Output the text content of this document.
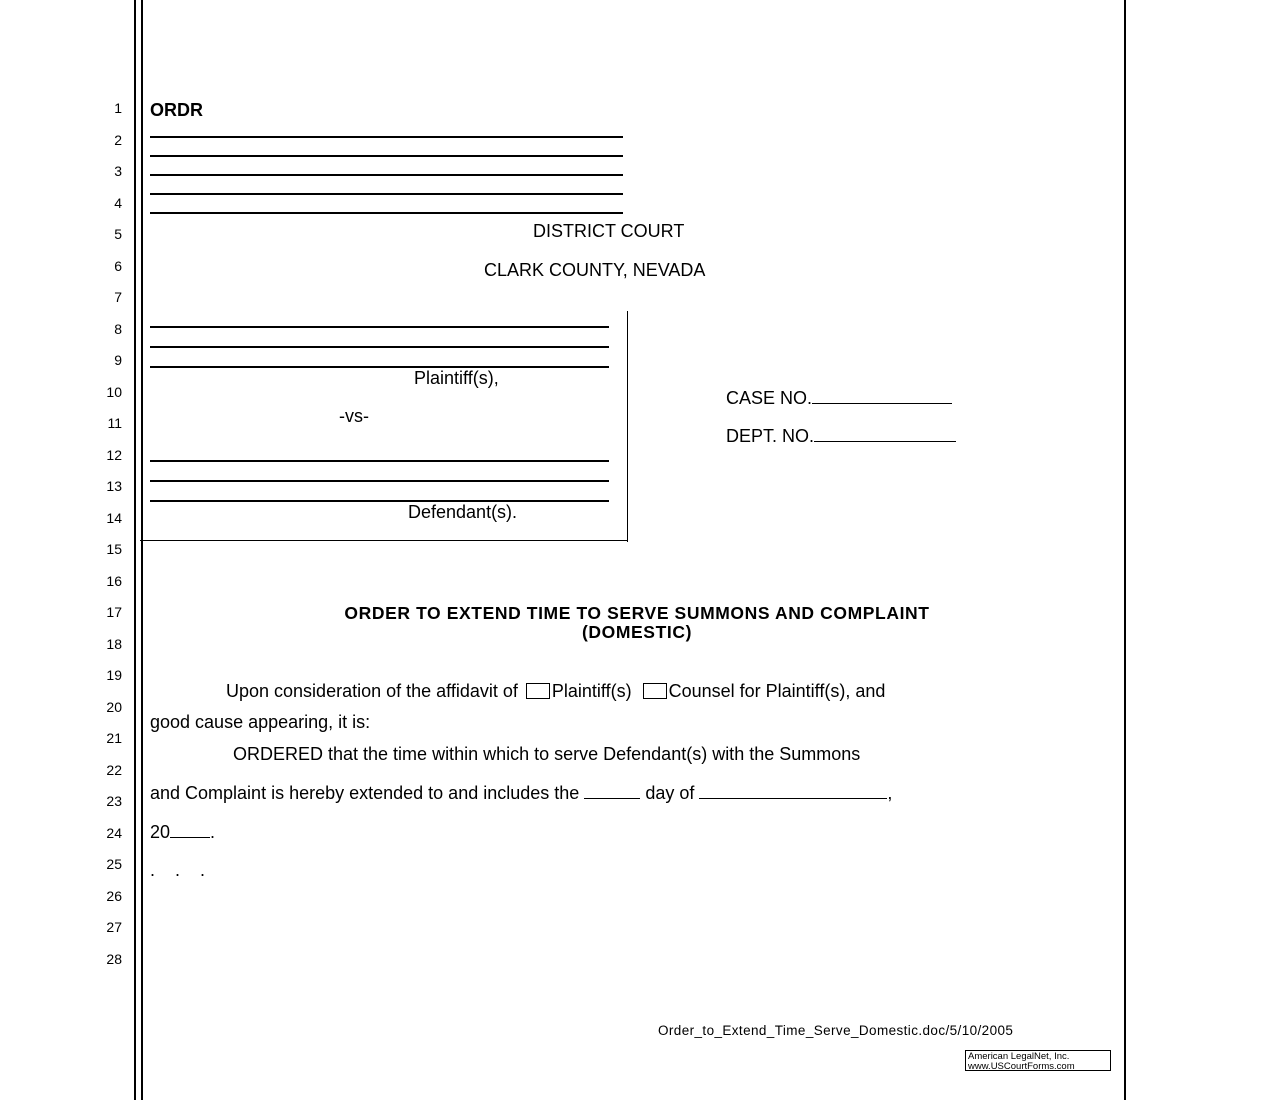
1
2
3
4
5
6
7
8
9
10
11
12
13
14
15
16
17
18
19
20
21
22
23
24
25
26
27
28
ORDR
DISTRICT COURT
CLARK COUNTY, NEVADA
Plaintiff(s),
-vs-
Defendant(s).
CASE NO.
DEPT. NO.
ORDER TO EXTEND TIME TO SERVE SUMMONS AND COMPLAINT
(DOMESTIC)
Upon consideration of the affidavit of Plaintiff(s) Counsel for Plaintiff(s), and
good cause appearing, it is:
ORDERED that the time within which to serve Defendant(s) with the Summons
and Complaint is hereby extended to and includes the	day of	,
20 .
.    .    .
Order_to_Extend_Time_Serve_Domestic.doc/5/10/2005
American LegalNet, Inc.
www.USCourtForms.com
